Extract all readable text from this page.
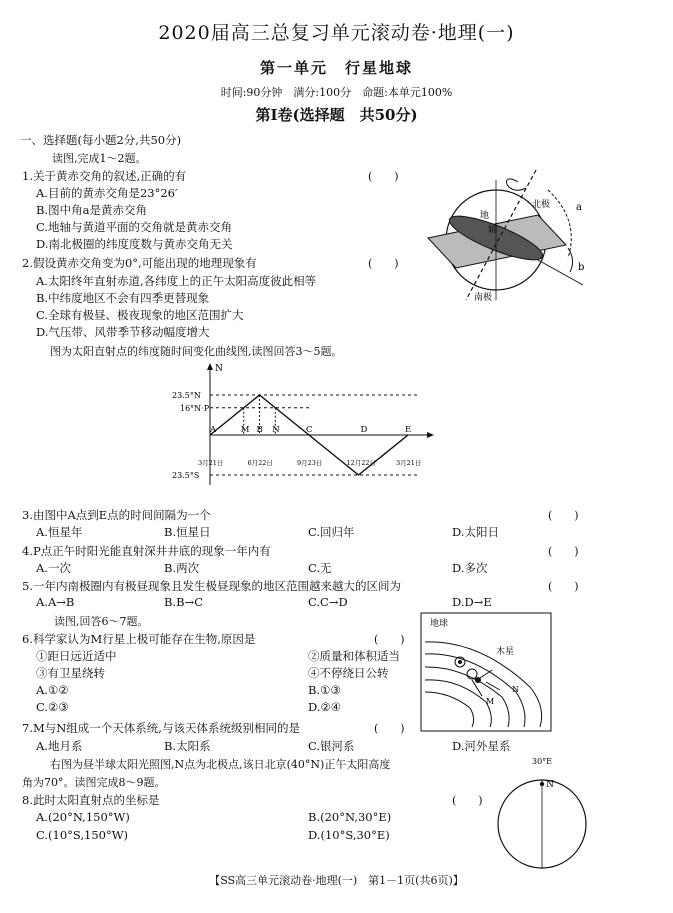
2020届高三总复习单元滚动卷·地理(一)
第一单元　行星地球
时间:90分钟　满分:100分　命题:本单元100%
第Ⅰ卷(选择题　共50分)
一、选择题(每小题2分,共50分)
读图,完成1～2题。
1.关于黄赤交角的叙述,正确的有	(　　)
A.目前的黄赤交角是23°26′
B.图中角a是黄赤交角
C.地轴与黄道平面的交角就是黄赤交角
D.南北极圈的纬度度数与黄赤交角无关
2.假设黄赤交角变为0°,可能出现的地理现象有	(　　)
A.太阳终年直射赤道,各纬度上的正午太阳高度彼此相等
B.中纬度地区不会有四季更替现象
C.全球有极昼、极夜现象的地区范围扩大
D.气压带、风带季节移动幅度增大
图为太阳直射点的纬度随时间变化曲线图,读图回答3～5题。
北极
南极
地
轴
a
b
N
23.5°N
16°N·P
23.5°S
A	M B N	C	D	E
3月21日	6月22日	9月23日	12月22日	3月21日
3.由图中A点到E点的时间间隔为一个	(　　)
A.恒星年	B.恒星日	C.回归年	D.太阳日
4.P点正午时阳光能直射深井井底的现象一年内有	(　　)
A.一次	B.两次	C.无	D.多次
5.一年内南极圈内有极昼现象且发生极昼现象的地区范围越来越大的区间为	(　　)
A.A→B	B.B→C	C.C→D	D.D→E
读图,回答6～7题。
6.科学家认为M行星上极可能存在生物,原因是	(　　)
①距日远近适中	②质量和体积适当
③有卫星绕转	④不停绕日公转
A.①②	B.①③
C.②③	D.②④
地球
木星
M
N
7.M与N组成一个天体系统,与该天体系统级别相同的是	(　　)
A.地月系	B.太阳系	C.银河系	D.河外星系
右图为昼半球太阳光照图,N点为北极点,该日北京(40°N)正午太阳高度
角为70°。读图完成8～9题。
8.此时太阳直射点的坐标是	(　　)
A.(20°N,150°W)	B.(20°N,30°E)
C.(10°S,150°W)	D.(10°S,30°E)
30°E
N
【SS高三单元滚动卷·地理(一)　第1－1页(共6页)】
